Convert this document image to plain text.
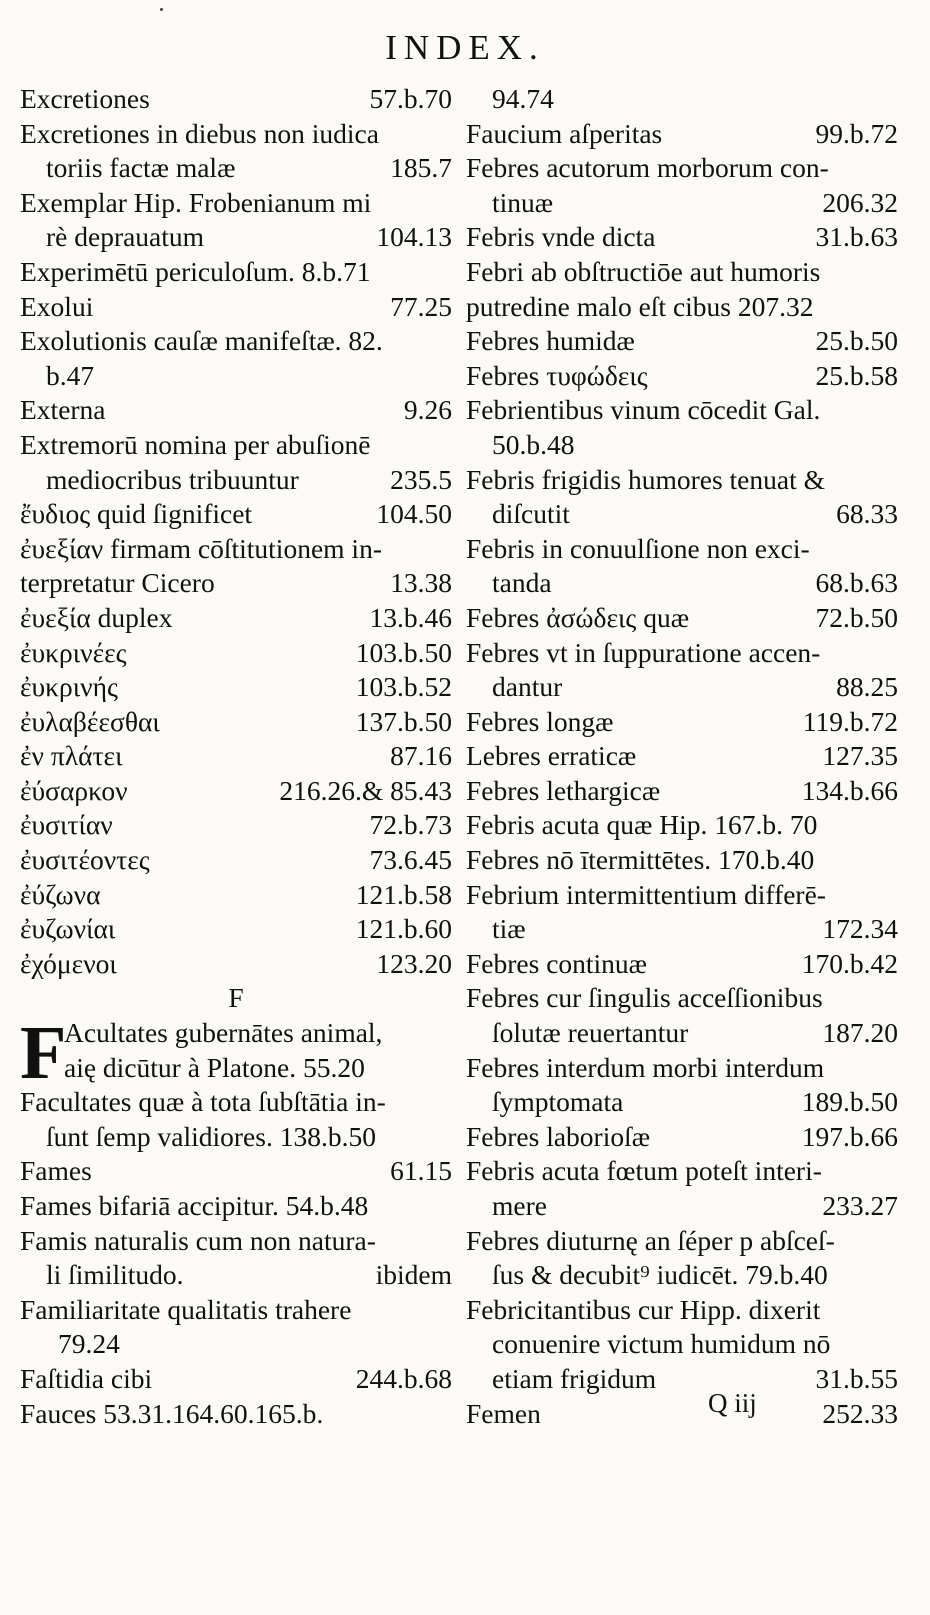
INDEX.
Excretiones	57.b.70
Excretiones in diebus non iudica
toriis factæ malæ	185.7
Exemplar Hip. Frobenianum mi
rè deprauatum	104.13
Experimētū periculoſum. 8.b.71
Exolui	77.25
Exolutionis cauſæ manifeſtæ. 82.
b.47
Externa	9.26
Extremorū nomina per abuſionē
mediocribus tribuuntur	235.5
ἔυδιος quid ſignificet	104.50
ἐυεξίαν firmam cōſtitutionem in-
terpretatur Cicero	13.38
ἐυεξία duplex	13.b.46
ἐυκρινέες	103.b.50
ἐυκρινής	103.b.52
ἐυλαβέεσθαι	137.b.50
ἐν πλάτει	87.16
ἐύσαρκον	216.26.& 85.43
ἐυσιτίαν	72.b.73
ἐυσιτέοντες	73.6.45
ἐύζωνα	121.b.58
ἐυζωνίαι	121.b.60
ἐχόμενοι	123.20
F
F
Acultates gubernātes animal,
aię dicūtur à Platone. 55.20
Facultates quæ à tota ſubſtātia in-
ſunt ſemp validiores. 138.b.50
Fames	61.15
Fames bifariā accipitur. 54.b.48
Famis naturalis cum non natura-
li ſimilitudo.	ibidem
Familiaritate qualitatis trahere
79.24
Faſtidia cibi	244.b.68
Fauces 53.31.164.60.165.b.
94.74
Faucium aſperitas	99.b.72
Febres acutorum morborum con-
tinuæ	206.32
Febris vnde dicta	31.b.63
Febri ab obſtructiōe aut humoris
putredine malo eſt cibus 207.32
Febres humidæ	25.b.50
Febres τυφώδεις	25.b.58
Febrientibus vinum cōcedit Gal.
50.b.48
Febris frigidis humores tenuat &
diſcutit	68.33
Febris in conuulſione non exci-
tanda	68.b.63
Febres ἀσώδεις quæ	72.b.50
Febres vt in ſuppuratione accen-
dantur	88.25
Febres longæ	119.b.72
Lebres erraticæ	127.35
Febres lethargicæ	134.b.66
Febris acuta quæ Hip. 167.b. 70
Febres nō ītermittētes. 170.b.40
Febrium intermittentium differē-
tiæ	172.34
Febres continuæ	170.b.42
Febres cur ſingulis acceſſionibus
ſolutæ reuertantur	187.20
Febres interdum morbi interdum
ſymptomata	189.b.50
Febres laborioſæ	197.b.66
Febris acuta fœtum poteſt interi-
mere	233.27
Febres diuturnę an ſéper p abſceſ-
ſus & decubit⁹ iudicēt. 79.b.40
Febricitantibus cur Hipp. dixerit
conuenire victum humidum nō
etiam frigidum	31.b.55
Femen	252.33
Q iij
